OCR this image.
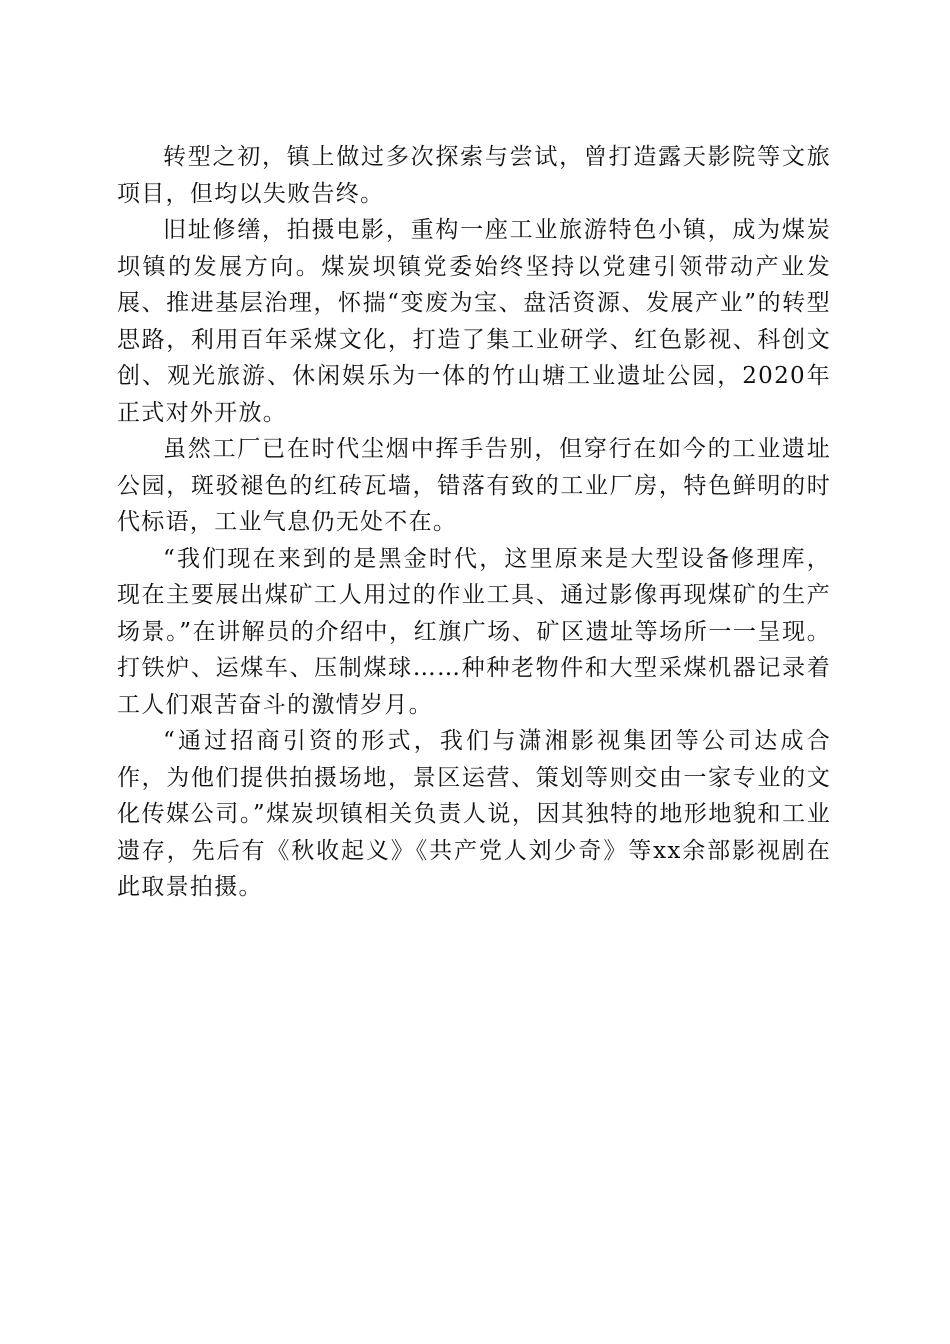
转型之初，镇上做过多次探索与尝试，曾打造露天影院等文旅项目，但均以失败告终。

旧址修缮，拍摄电影，重构一座工业旅游特色小镇，成为煤炭坝镇的发展方向。煤炭坝镇党委始终坚持以党建引领带动产业发展、推进基层治理，怀揣“变废为宝、盘活资源、发展产业”的转型思路，利用百年采煤文化，打造了集工业研学、红色影视、科创文创、观光旅游、休闲娱乐为一体的竹山塘工业遗址公园，2020年正式对外开放。

虽然工厂已在时代尘烟中挥手告别，但穿行在如今的工业遗址公园，斑驳褪色的红砖瓦墙，错落有致的工业厂房，特色鲜明的时代标语，工业气息仍无处不在。

“我们现在来到的是黑金时代，这里原来是大型设备修理库，现在主要展出煤矿工人用过的作业工具、通过影像再现煤矿的生产场景。”在讲解员的介绍中，红旗广场、矿区遗址等场所一一呈现。打铁炉、运煤车、压制煤球……种种老物件和大型采煤机器记录着工人们艰苦奋斗的激情岁月。

“通过招商引资的形式，我们与潇湘影视集团等公司达成合作，为他们提供拍摄场地，景区运营、策划等则交由一家专业的文化传媒公司。”煤炭坝镇相关负责人说，因其独特的地形地貌和工业遗存，先后有《秋收起义》《共产党人刘少奇》等xx余部影视剧在此取景拍摄。
